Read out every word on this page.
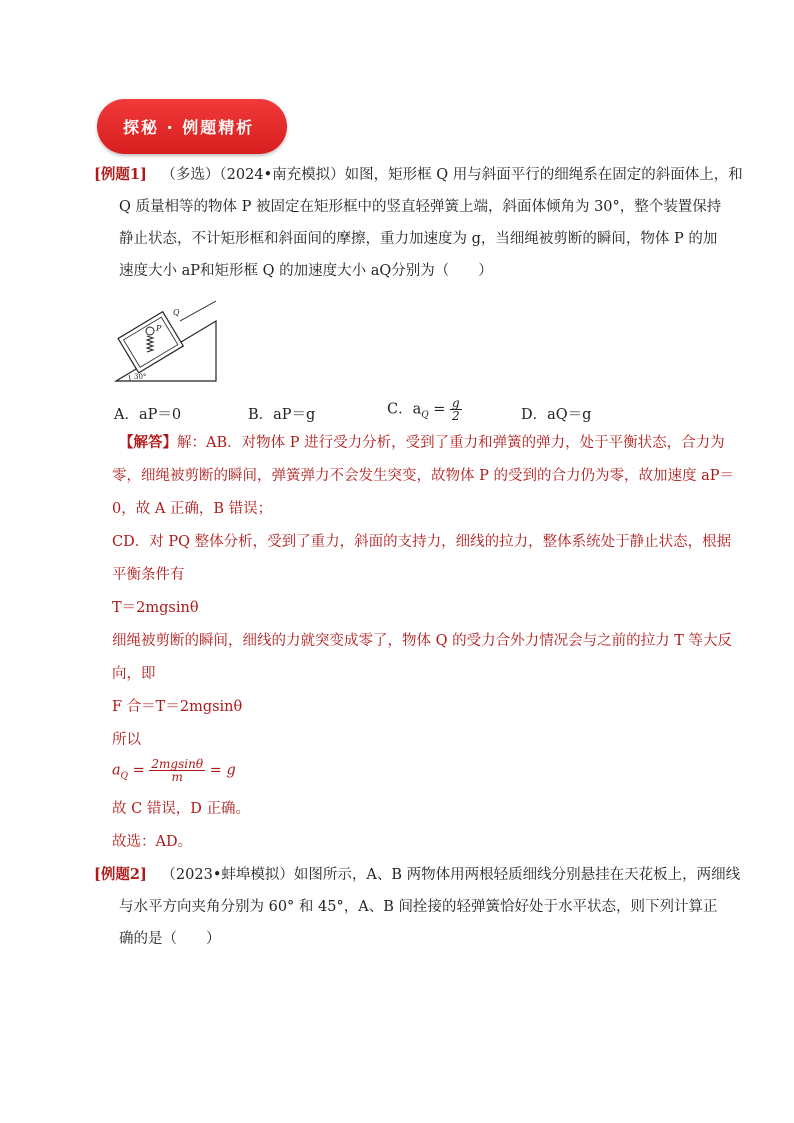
探秘 · 例题精析
[例题1] （多选）（2024•南充模拟）如图，矩形框 Q 用与斜面平行的细绳系在固定的斜面体上，和
Q 质量相等的物体 P 被固定在矩形框中的竖直轻弹簧上端，斜面体倾角为 30°，整个装置保持
静止状态，不计矩形框和斜面间的摩擦，重力加速度为 g，当细绳被剪断的瞬间，物体 P 的加
速度大小 aP和矩形框 Q 的加速度大小 aQ分别为（　　）
Q
P
30°
A．aP＝0	B．aP＝g	C．$a_Q = \frac{g}{2}$	D．aQ＝g
【解答】解：AB．对物体 P 进行受力分析，受到了重力和弹簧的弹力，处于平衡状态，合力为
零，细绳被剪断的瞬间，弹簧弹力不会发生突变，故物体 P 的受到的合力仍为零，故加速度 aP＝
0，故 A 正确，B 错误；
CD．对 PQ 整体分析，受到了重力，斜面的支持力，细线的拉力，整体系统处于静止状态，根据
平衡条件有
T＝2mgsinθ
细绳被剪断的瞬间，细线的力就突变成零了，物体 Q 的受力合外力情况会与之前的拉力 T 等大反
向，即
F 合＝T＝2mgsinθ
所以
$a_Q = \frac{2mgsin\theta}{m} = g$
故 C 错误，D 正确。
故选：AD。
[例题2] （2023•蚌埠模拟）如图所示，A、B 两物体用两根轻质细线分别悬挂在天花板上，两细线
与水平方向夹角分别为 60° 和 45°，A、B 间拴接的轻弹簧恰好处于水平状态，则下列计算正
确的是（　　）
